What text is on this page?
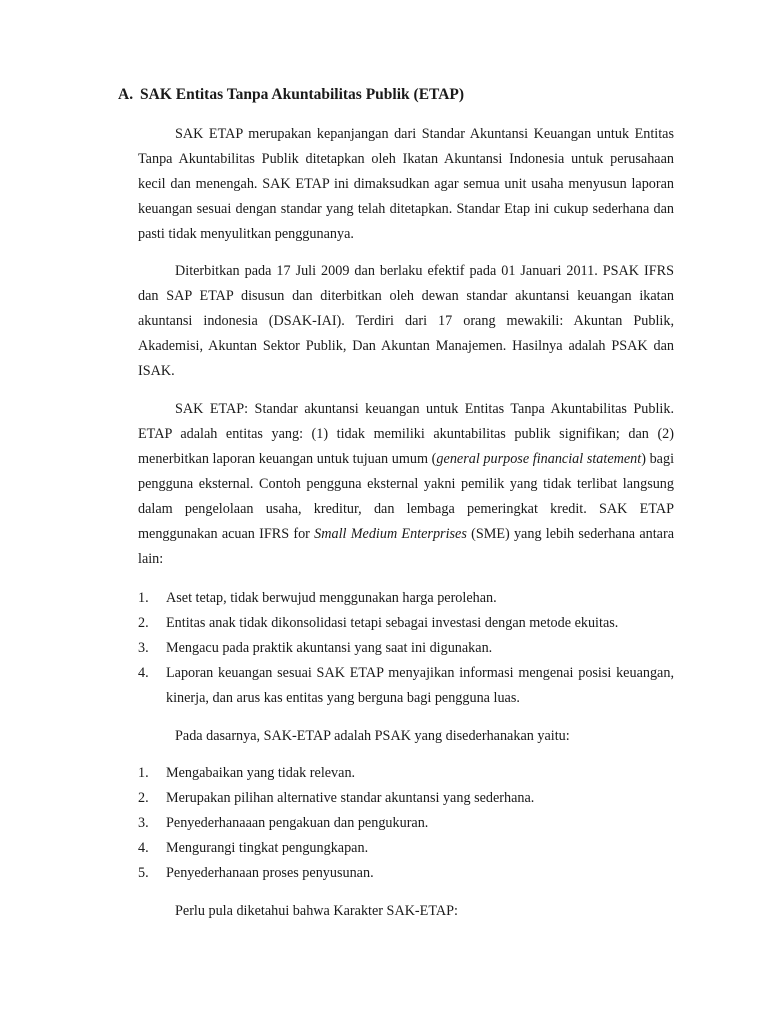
A. SAK Entitas Tanpa Akuntabilitas Publik (ETAP)

SAK ETAP merupakan kepanjangan dari Standar Akuntansi Keuangan untuk Entitas Tanpa Akuntabilitas Publik ditetapkan oleh Ikatan Akuntansi Indonesia untuk perusahaan kecil dan menengah. SAK ETAP ini dimaksudkan agar semua unit usaha menyusun laporan keuangan sesuai dengan standar yang telah ditetapkan. Standar Etap ini cukup sederhana dan pasti tidak menyulitkan penggunanya.

Diterbitkan pada 17 Juli 2009 dan berlaku efektif pada 01 Januari 2011. PSAK IFRS dan SAP ETAP disusun dan diterbitkan oleh dewan standar akuntansi keuangan ikatan akuntansi indonesia (DSAK-IAI). Terdiri dari 17 orang mewakili: Akuntan Publik, Akademisi, Akuntan Sektor Publik, Dan Akuntan Manajemen. Hasilnya adalah PSAK dan ISAK.

SAK ETAP: Standar akuntansi keuangan untuk Entitas Tanpa Akuntabilitas Publik. ETAP adalah entitas yang: (1) tidak memiliki akuntabilitas publik signifikan; dan (2) menerbitkan laporan keuangan untuk tujuan umum (general purpose financial statement) bagi pengguna eksternal. Contoh pengguna eksternal yakni pemilik yang tidak terlibat langsung dalam pengelolaan usaha, kreditur, dan lembaga pemeringkat kredit. SAK ETAP menggunakan acuan IFRS for Small Medium Enterprises (SME) yang lebih sederhana antara lain:

1. Aset tetap, tidak berwujud menggunakan harga perolehan.
2. Entitas anak tidak dikonsolidasi tetapi sebagai investasi dengan metode ekuitas.
3. Mengacu pada praktik akuntansi yang saat ini digunakan.
4. Laporan keuangan sesuai SAK ETAP menyajikan informasi mengenai posisi keuangan, kinerja, dan arus kas entitas yang berguna bagi pengguna luas.

Pada dasarnya, SAK-ETAP adalah PSAK yang disederhanakan yaitu:

1. Mengabaikan yang tidak relevan.
2. Merupakan pilihan alternative standar akuntansi yang sederhana.
3. Penyederhanaaan pengakuan dan pengukuran.
4. Mengurangi tingkat pengungkapan.
5. Penyederhanaan proses penyusunan.

Perlu pula diketahui bahwa Karakter SAK-ETAP:
